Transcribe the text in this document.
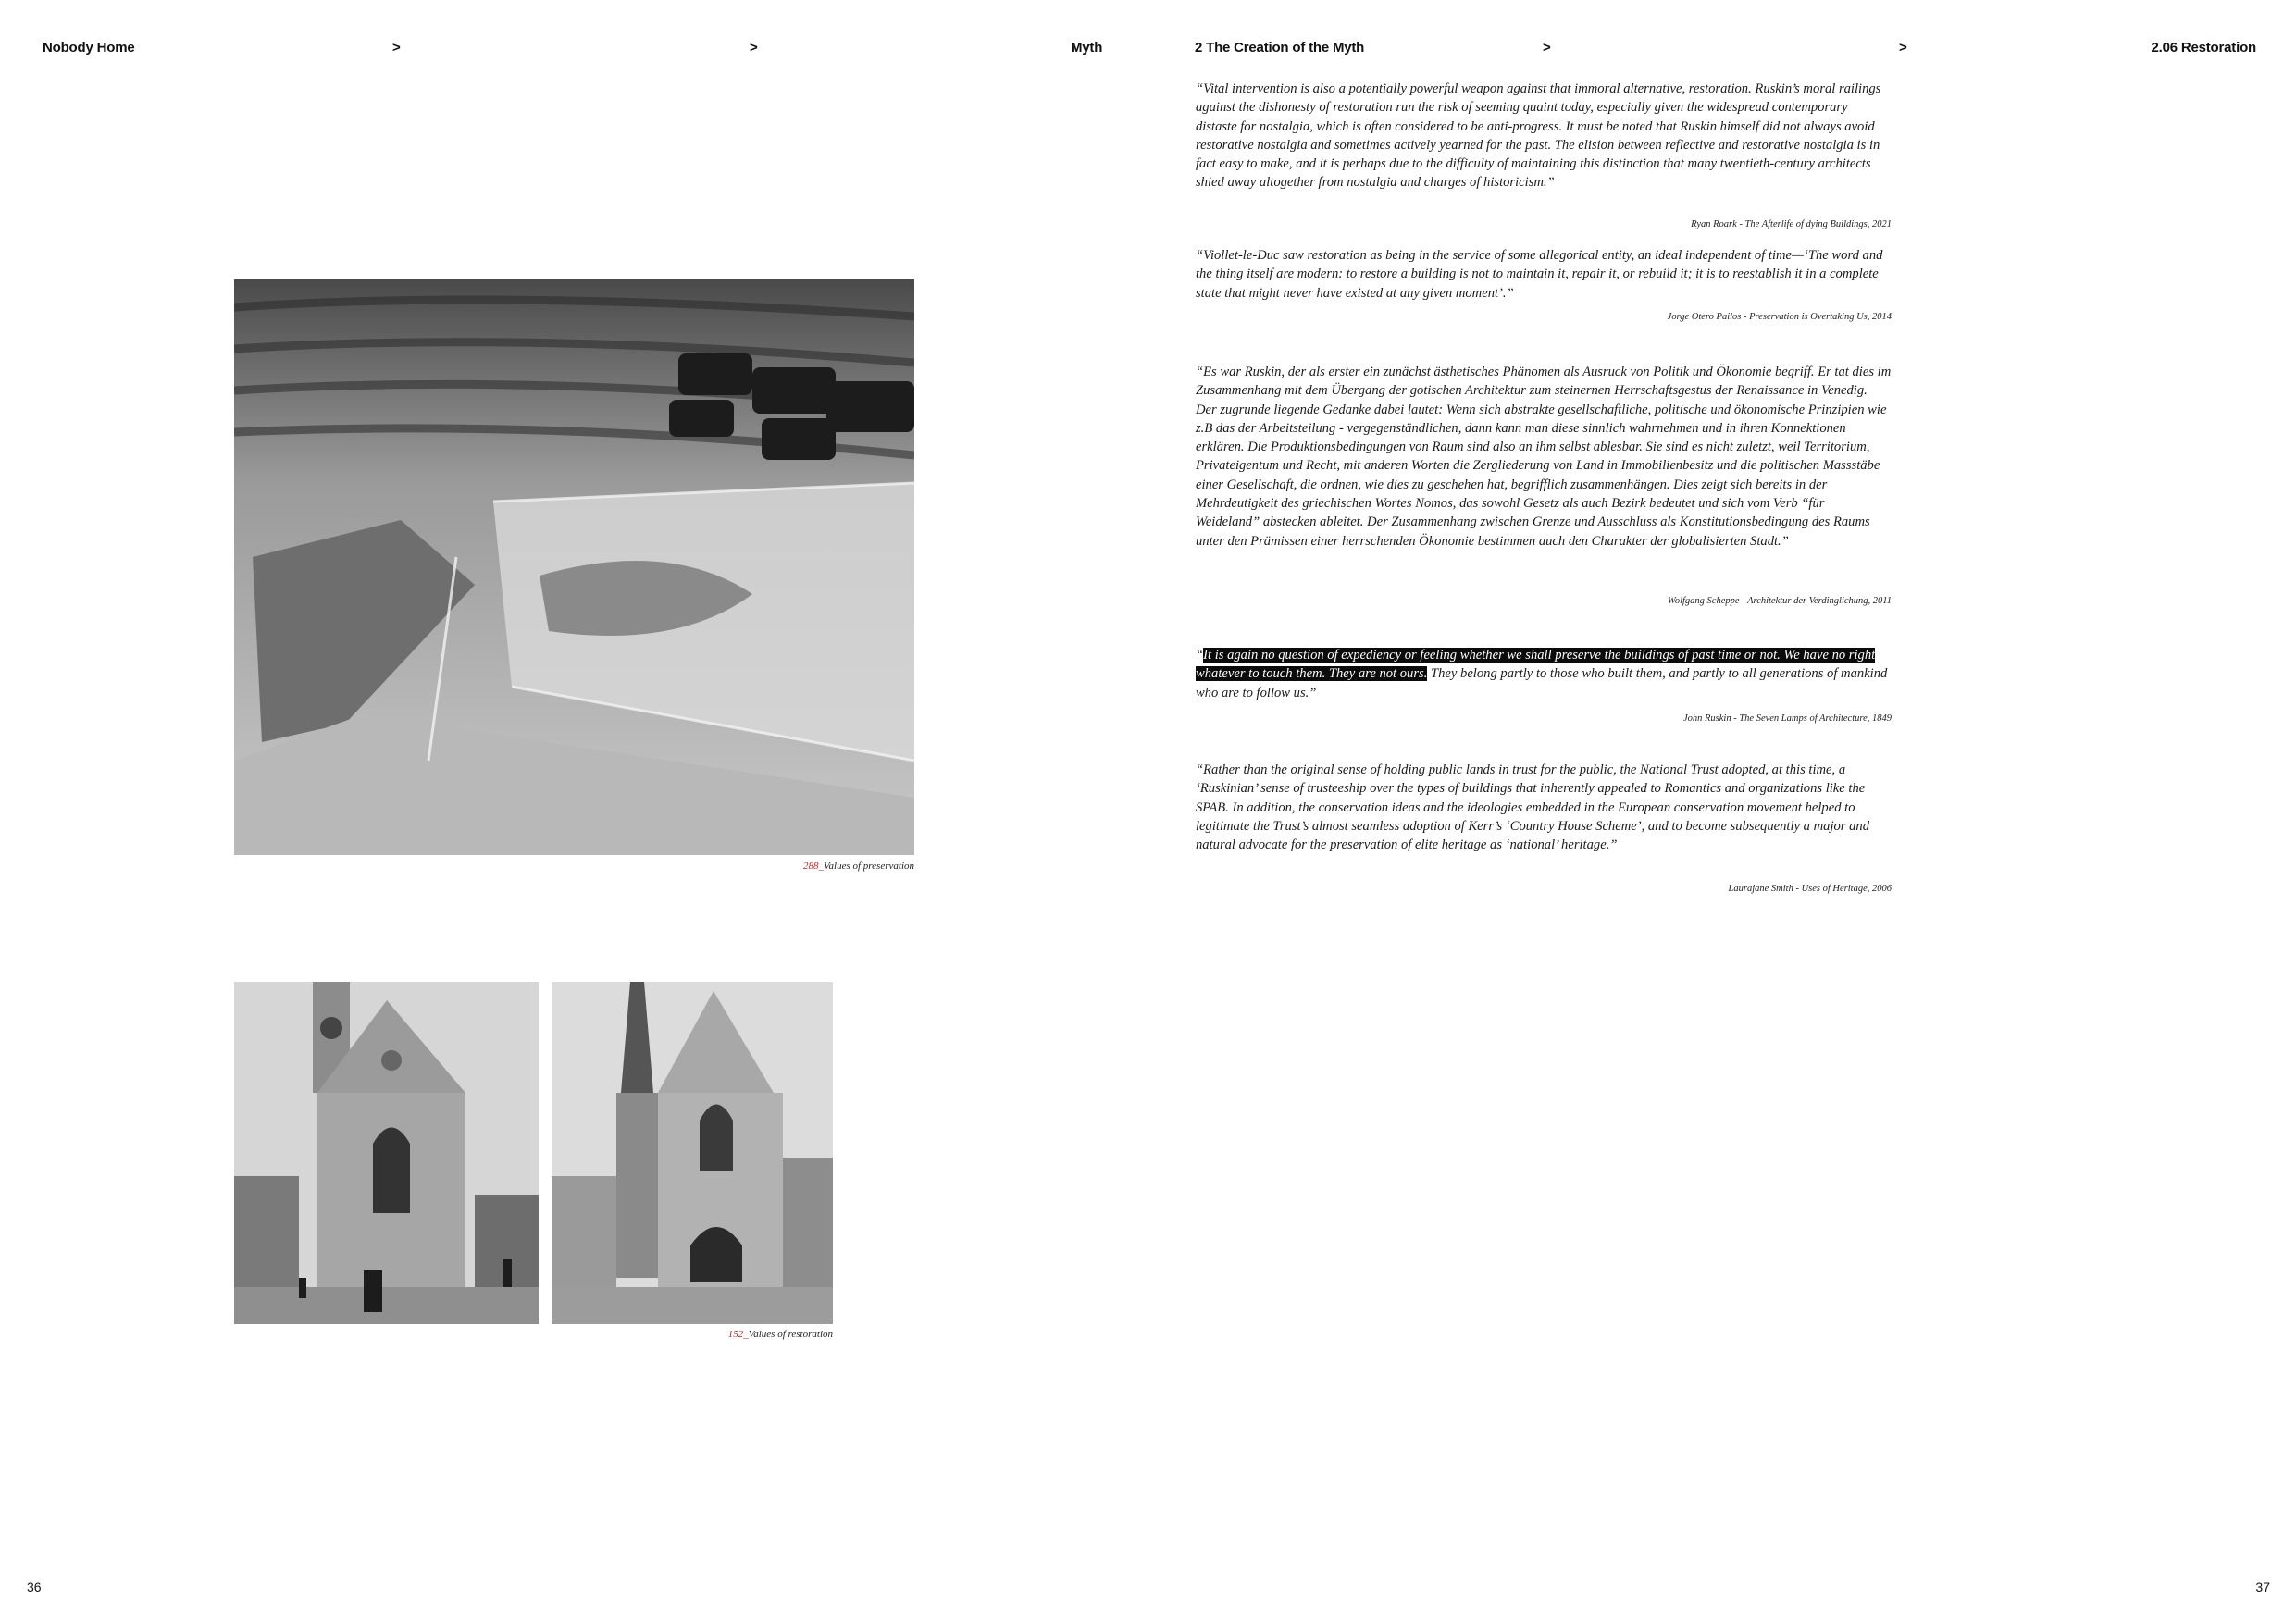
Nobody Home	>	>	Myth	2 The Creation of the Myth	>	>	2.06 Restoration
288_Values of preservation
152_Values of restoration

“Vital intervention is also a potentially powerful weapon against that immoral alternative, restoration. Ruskin’s moral railings against the dishonesty of restoration run the risk of seeming quaint today, especially given the widespread contemporary distaste for nostalgia, which is often considered to be anti-progress. It must be noted that Ruskin himself did not always avoid restorative nostalgia and sometimes actively yearned for the past. The elision between reflective and restorative nostalgia is in fact easy to make, and it is perhaps due to the difficulty of maintaining this distinction that many twentieth-century architects shied away altogether from nostalgia and charges of historicism.”

Ryan Roark - The Afterlife of dying Buildings, 2021

“Viollet-le-Duc saw restoration as being in the service of some allegorical entity, an ideal independent of time—‘The word and the thing itself are modern: to restore a building is not to maintain it, repair it, or rebuild it; it is to reestablish it in a complete state that might never have existed at any given moment’.”

Jorge Otero Pailos - Preservation is Overtaking Us, 2014

“Es war Ruskin, der als erster ein zunächst ästhetisches Phänomen als Ausruck von Politik und Ökonomie begriff. Er tat dies im Zusammenhang mit dem Übergang der gotischen Architektur zum steinernen Herrschaftsgestus der Renaissance in Venedig. Der zugrunde liegende Gedanke dabei lautet: Wenn sich abstrakte gesellschaftliche, politische und ökonomische Prinzipien wie z.B das der Arbeitsteilung - vergegenständlichen, dann kann man diese sinnlich wahrnehmen und in ihren Konnektionen erklären. Die Produktionsbedingungen von Raum sind also an ihm selbst ablesbar. Sie sind es nicht zuletzt, weil Territorium, Privateigentum und Recht, mit anderen Worten die Zergliederung von Land in Immobilienbesitz und die politischen Massstäbe einer Gesellschaft, die ordnen, wie dies zu geschehen hat, begrifflich zusammenhängen. Dies zeigt sich bereits in der Mehrdeutigkeit des griechischen Wortes Nomos, das sowohl Gesetz als auch Bezirk bedeutet und sich vom Verb “für Weideland” abstecken ableitet. Der Zusammenhang zwischen Grenze und Ausschluss als Konstitutionsbedingung des Raums unter den Prämissen einer herrschenden Ökonomie bestimmen auch den Charakter der globalisierten Stadt.”

Wolfgang Scheppe - Architektur der Verdinglichung, 2011

“It is again no question of expediency or feeling whether we shall preserve the buildings of past time or not. We have no right whatever to touch them. They are not ours. They belong partly to those who built them, and partly to all generations of mankind who are to follow us.”

John Ruskin - The Seven Lamps of Architecture, 1849

“Rather than the original sense of holding public lands in trust for the public, the National Trust adopted, at this time, a ‘Ruskinian’ sense of trusteeship over the types of buildings that inherently appealed to Romantics and organizations like the SPAB. In addition, the conservation ideas and the ideologies embedded in the European conservation movement helped to legitimate the Trust’s almost seamless adoption of Kerr’s ‘Country House Scheme’, and to become subsequently a major and natural advocate for the preservation of elite heritage as ‘national’ heritage.”

Laurajane Smith - Uses of Heritage, 2006
36	37
